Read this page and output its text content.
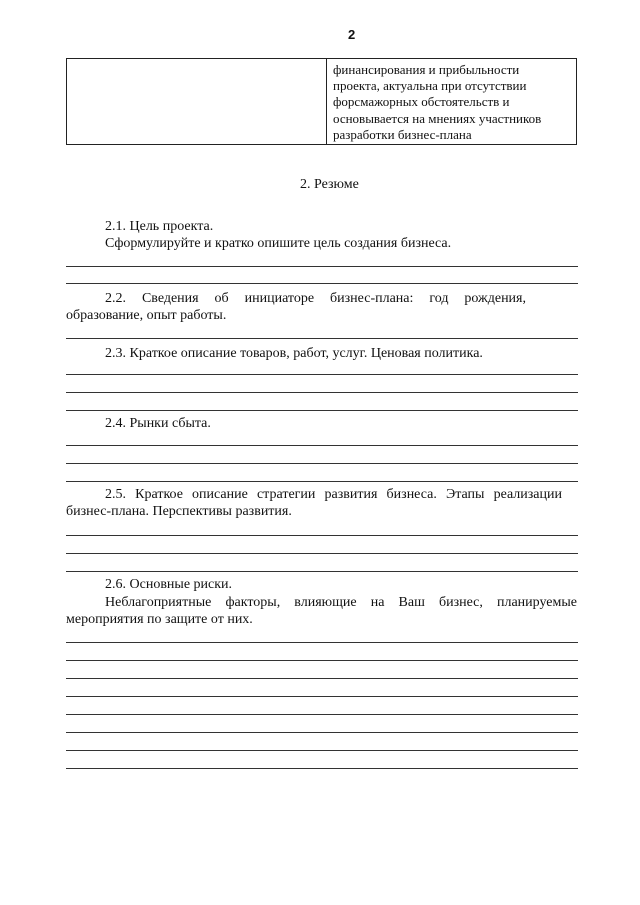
2
финансирования и прибыльности
проекта, актуальна при отсутствии
форсмажорных обстоятельств и
основывается на мнениях участников
разработки бизнес-плана
2. Резюме
2.1. Цель проекта.
Сформулируйте и кратко опишите цель создания бизнеса.
2.2. Сведения об инициаторе бизнес-плана: год рождения,
образование, опыт работы.
2.3. Краткое описание товаров, работ, услуг. Ценовая политика.
2.4. Рынки сбыта.
2.5. Краткое описание стратегии развития бизнеса. Этапы реализации
бизнес-плана. Перспективы развития.
2.6. Основные риски.
Неблагоприятные факторы, влияющие на Ваш бизнес, планируемые
мероприятия по защите от них.
